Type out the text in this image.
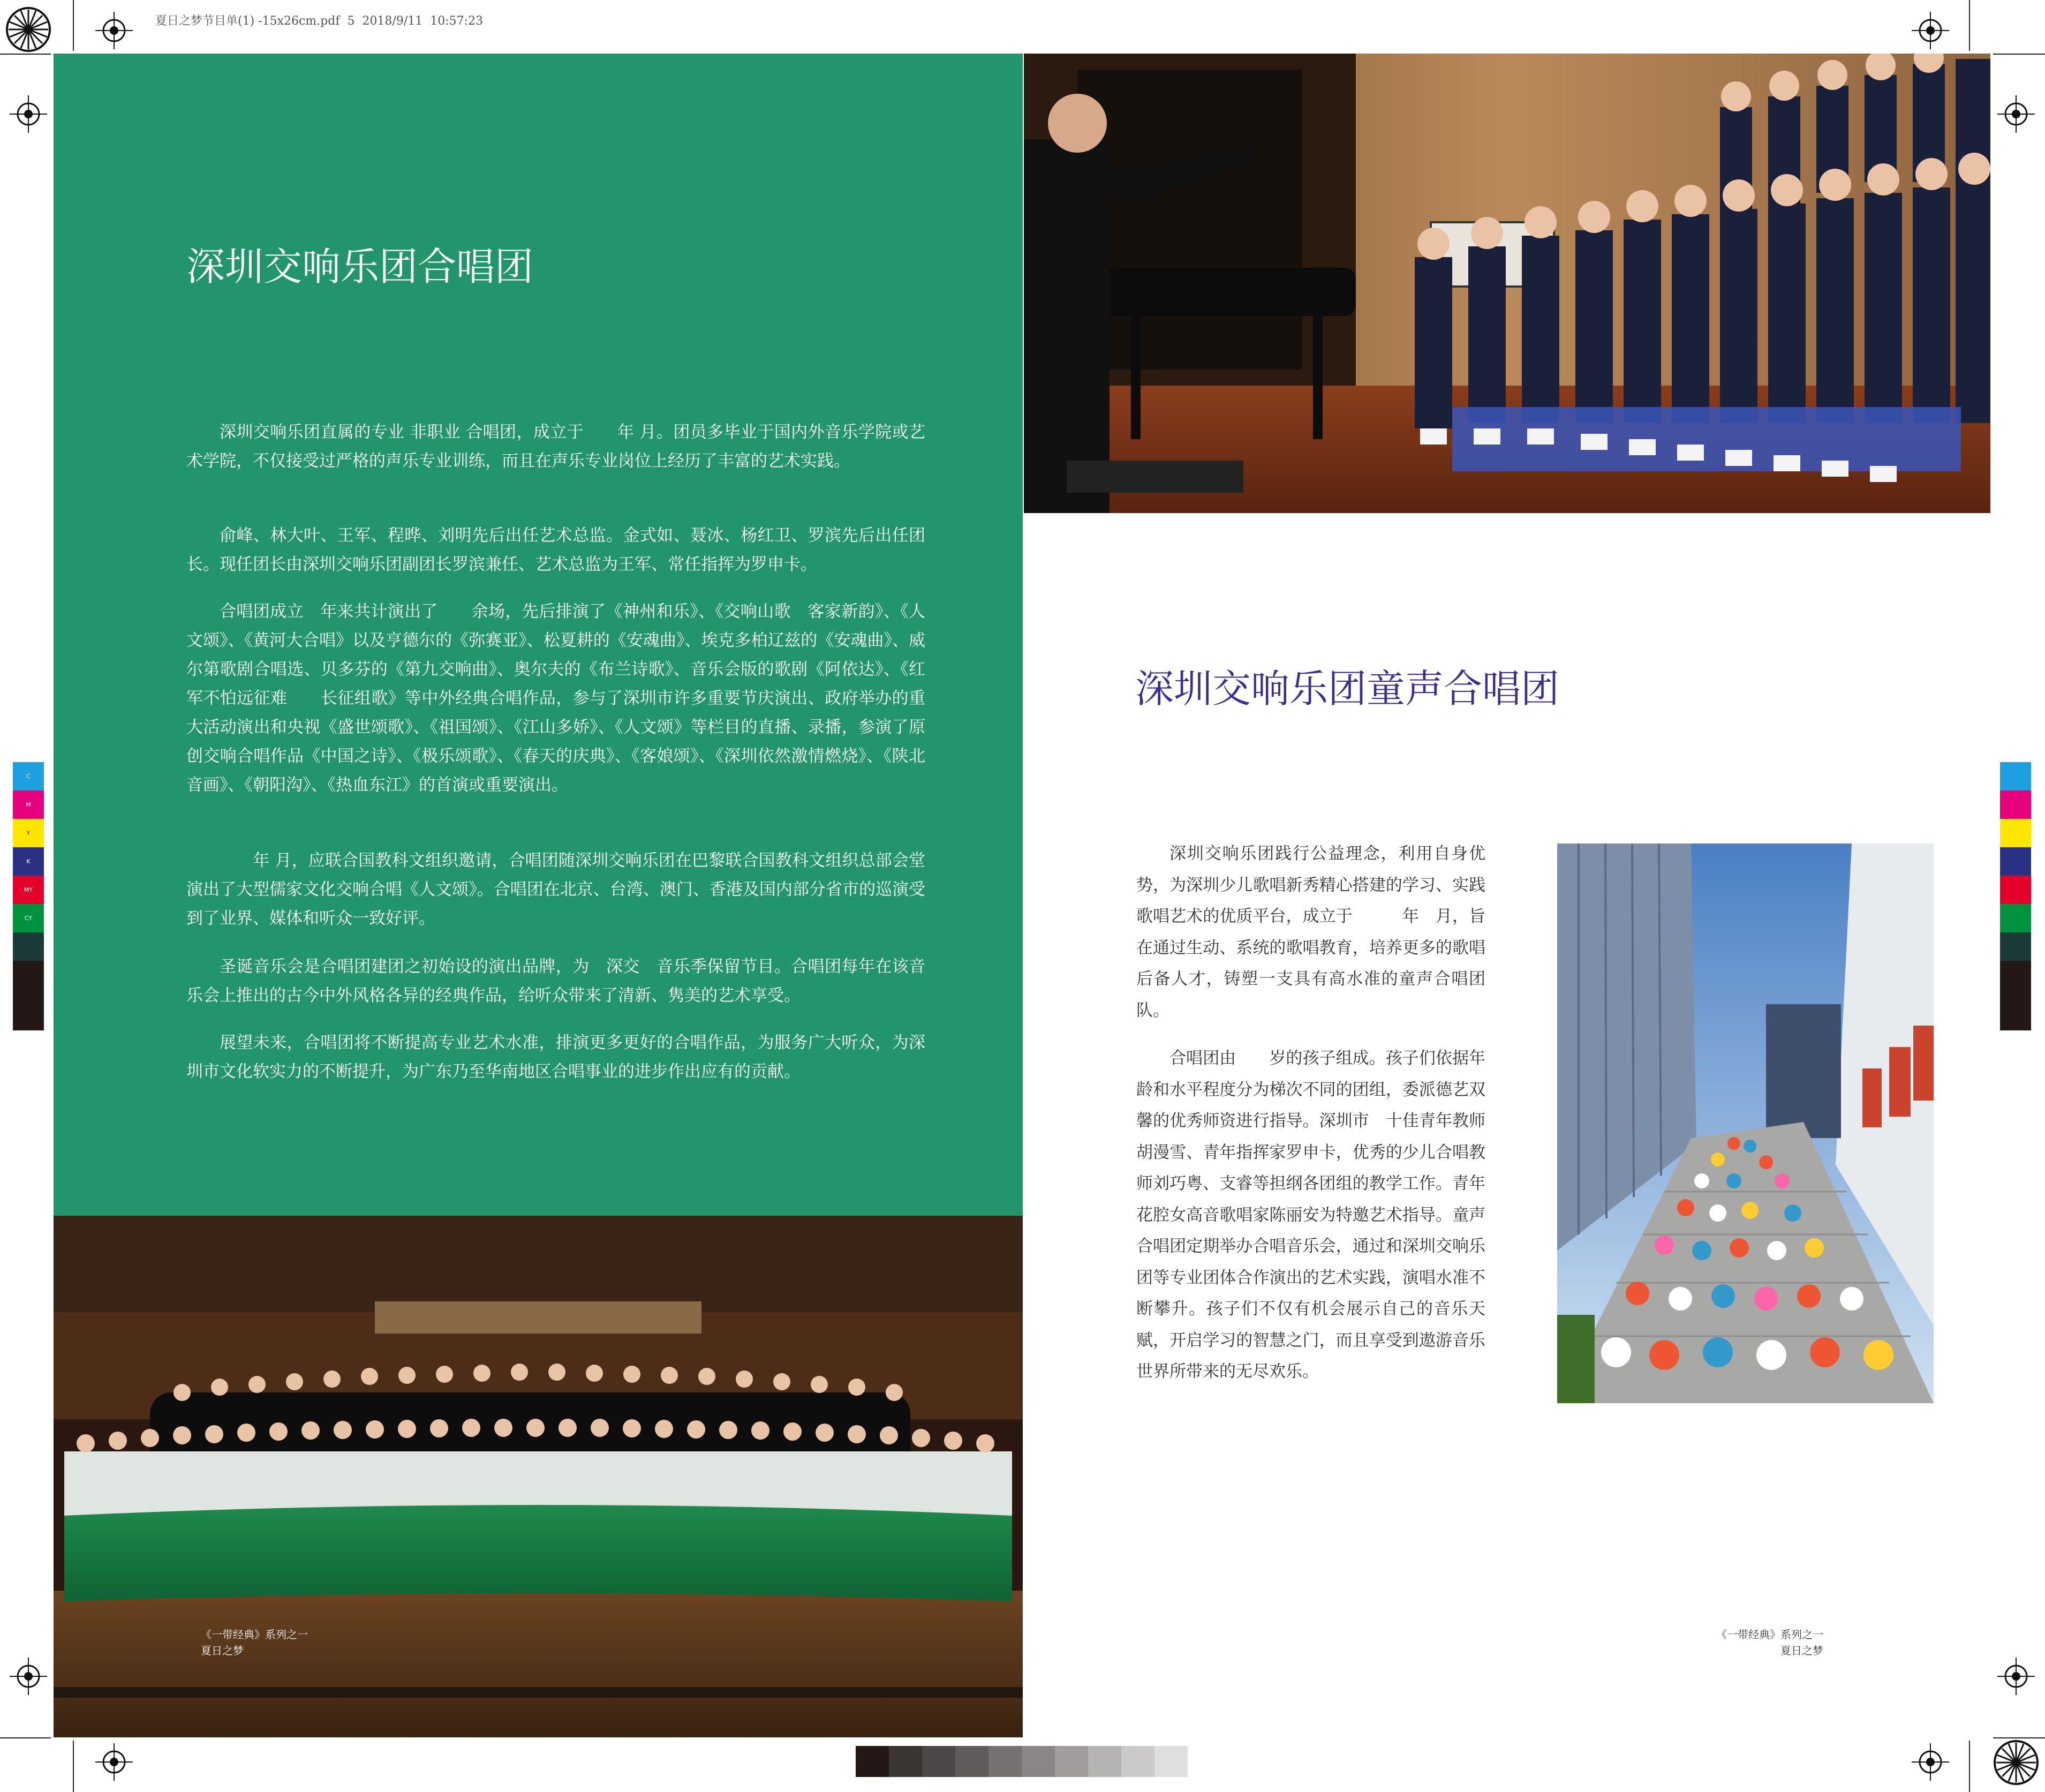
夏日之梦节目单(1) -15x26cm.pdf  5  2018/9/11  10:57:23
C
M
Y
K
MY
CY
深圳交响乐团合唱团

深圳交响乐团直属的专业 非职业 合唱团，成立于　　年 月。团员多毕业于国内外音乐学院或艺术学院，不仅接受过严格的声乐专业训练，而且在声乐专业岗位上经历了丰富的艺术实践。

俞峰、林大叶、王军、程晔、刘明先后出任艺术总监。金式如、聂冰、杨红卫、罗滨先后出任团长。现任团长由深圳交响乐团副团长罗滨兼任、艺术总监为王军、常任指挥为罗申卡。

合唱团成立　年来共计演出了　　余场，先后排演了《神州和乐》、《交响山歌　客家新韵》、《人文颂》、《黄河大合唱》以及亨德尔的《弥赛亚》、松夏耕的《安魂曲》、埃克多柏辽兹的《安魂曲》、威尔第歌剧合唱选、贝多芬的《第九交响曲》、奥尔夫的《布兰诗歌》、音乐会版的歌剧《阿依达》、《红军不怕远征难　　长征组歌》等中外经典合唱作品，参与了深圳市许多重要节庆演出、政府举办的重大活动演出和央视《盛世颂歌》、《祖国颂》、《江山多娇》、《人文颂》等栏目的直播、录播，参演了原创交响合唱作品《中国之诗》、《极乐颂歌》、《春天的庆典》、《客娘颂》、《深圳依然激情燃烧》、《陕北音画》、《朝阳沟》、《热血东江》的首演或重要演出。

　　年 月，应联合国教科文组织邀请，合唱团随深圳交响乐团在巴黎联合国教科文组织总部会堂演出了大型儒家文化交响合唱《人文颂》。合唱团在北京、台湾、澳门、香港及国内部分省市的巡演受到了业界、媒体和听众一致好评。

圣诞音乐会是合唱团建团之初始设的演出品牌，为　深交　音乐季保留节目。合唱团每年在该音乐会上推出的古今中外风格各异的经典作品，给听众带来了清新、隽美的艺术享受。

展望未来，合唱团将不断提高专业艺术水准，排演更多更好的合唱作品，为服务广大听众，为深圳市文化软实力的不断提升，为广东乃至华南地区合唱事业的进步作出应有的贡献。

《一带经典》系列之一
夏日之梦
深圳交响乐团童声合唱团

深圳交响乐团践行公益理念，利用自身优势，为深圳少儿歌唱新秀精心搭建的学习、实践歌唱艺术的优质平台，成立于　　　年　月，旨在通过生动、系统的歌唱教育，培养更多的歌唱后备人才，铸塑一支具有高水准的童声合唱团队。

合唱团由　　岁的孩子组成。孩子们依据年龄和水平程度分为梯次不同的团组，委派德艺双馨的优秀师资进行指导。深圳市　十佳青年教师　胡漫雪、青年指挥家罗申卡，优秀的少儿合唱教师刘巧粤、支睿等担纲各团组的教学工作。青年花腔女高音歌唱家陈丽安为特邀艺术指导。童声合唱团定期举办合唱音乐会，通过和深圳交响乐团等专业团体合作演出的艺术实践，演唱水准不断攀升。孩子们不仅有机会展示自己的音乐天赋，开启学习的智慧之门，而且享受到遨游音乐世界所带来的无尽欢乐。

《一带经典》系列之一
夏日之梦
